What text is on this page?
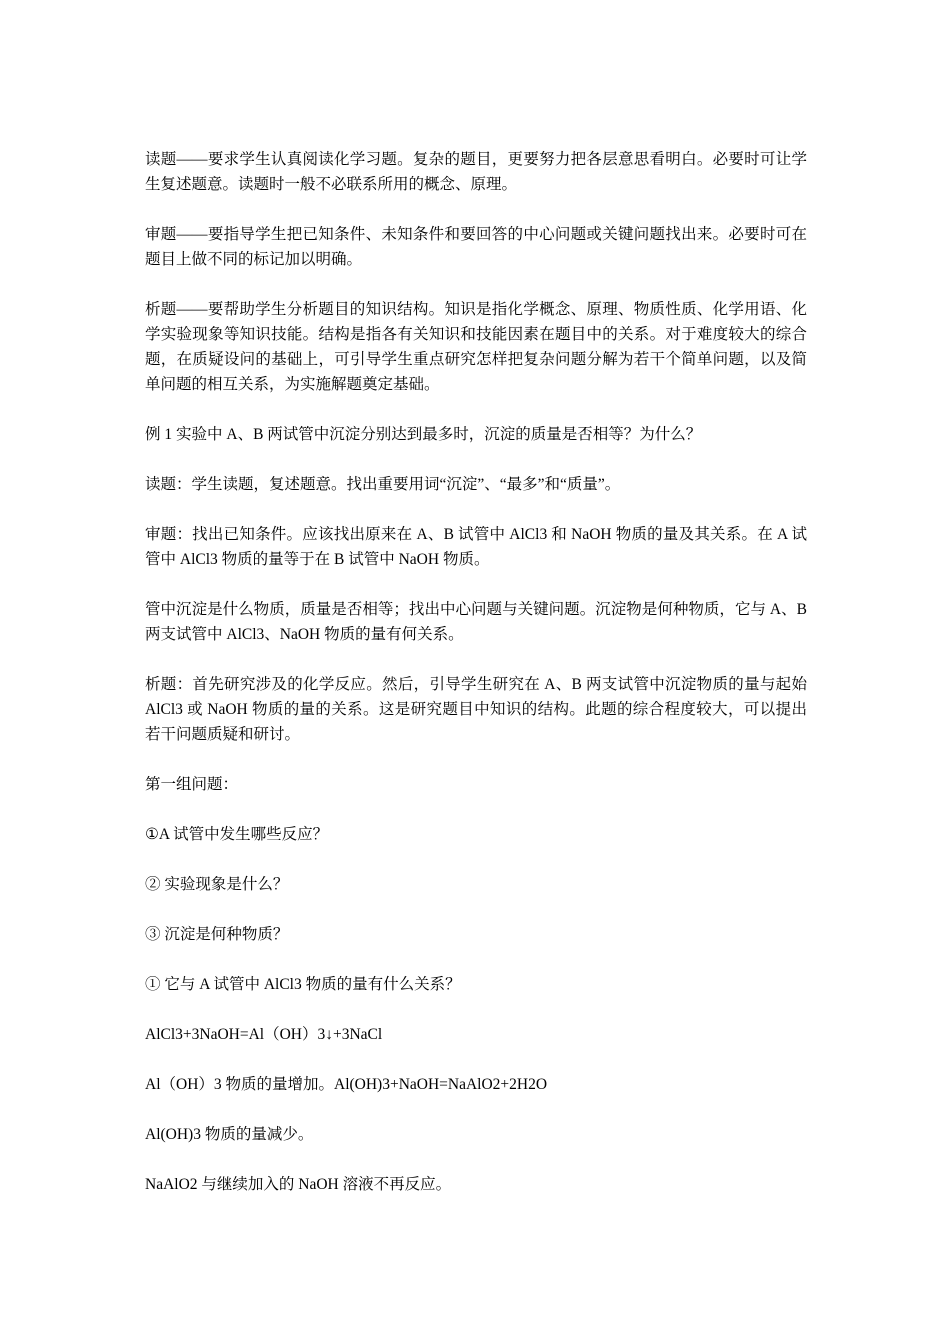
读题——要求学生认真阅读化学习题。复杂的题目，更要努力把各层意思看明白。必要时可让学生复述题意。读题时一般不必联系所用的概念、原理。

审题——要指导学生把已知条件、未知条件和要回答的中心问题或关键问题找出来。必要时可在题目上做不同的标记加以明确。

析题——要帮助学生分析题目的知识结构。知识是指化学概念、原理、物质性质、化学用语、化学实验现象等知识技能。结构是指各有关知识和技能因素在题目中的关系。对于难度较大的综合题，在质疑设问的基础上，可引导学生重点研究怎样把复杂问题分解为若干个简单问题，以及简单问题的相互关系，为实施解题奠定基础。

例 1 实验中 A、B 两试管中沉淀分别达到最多时，沉淀的质量是否相等？为什么？

读题：学生读题，复述题意。找出重要用词“沉淀”、“最多”和“质量”。

审题：找出已知条件。应该找出原来在 A、B 试管中 AlCl3 和 NaOH 物质的量及其关系。在 A 试管中 AlCl3 物质的量等于在 B 试管中 NaOH 物质。

管中沉淀是什么物质，质量是否相等；找出中心问题与关键问题。沉淀物是何种物质，它与 A、B 两支试管中 AlCl3、NaOH 物质的量有何关系。

析题：首先研究涉及的化学反应。然后，引导学生研究在 A、B 两支试管中沉淀物质的量与起始 AlCl3 或 NaOH 物质的量的关系。这是研究题目中知识的结构。此题的综合程度较大，可以提出若干问题质疑和研讨。

第一组问题：

①A 试管中发生哪些反应？

② 实验现象是什么？

③ 沉淀是何种物质？

① 它与 A 试管中 AlCl3 物质的量有什么关系？

AlCl3+3NaOH=Al（OH）3↓+3NaCl

Al（OH）3 物质的量增加。Al(OH)3+NaOH=NaAlO2+2H2O

Al(OH)3 物质的量减少。

NaAlO2 与继续加入的 NaOH 溶液不再反应。
